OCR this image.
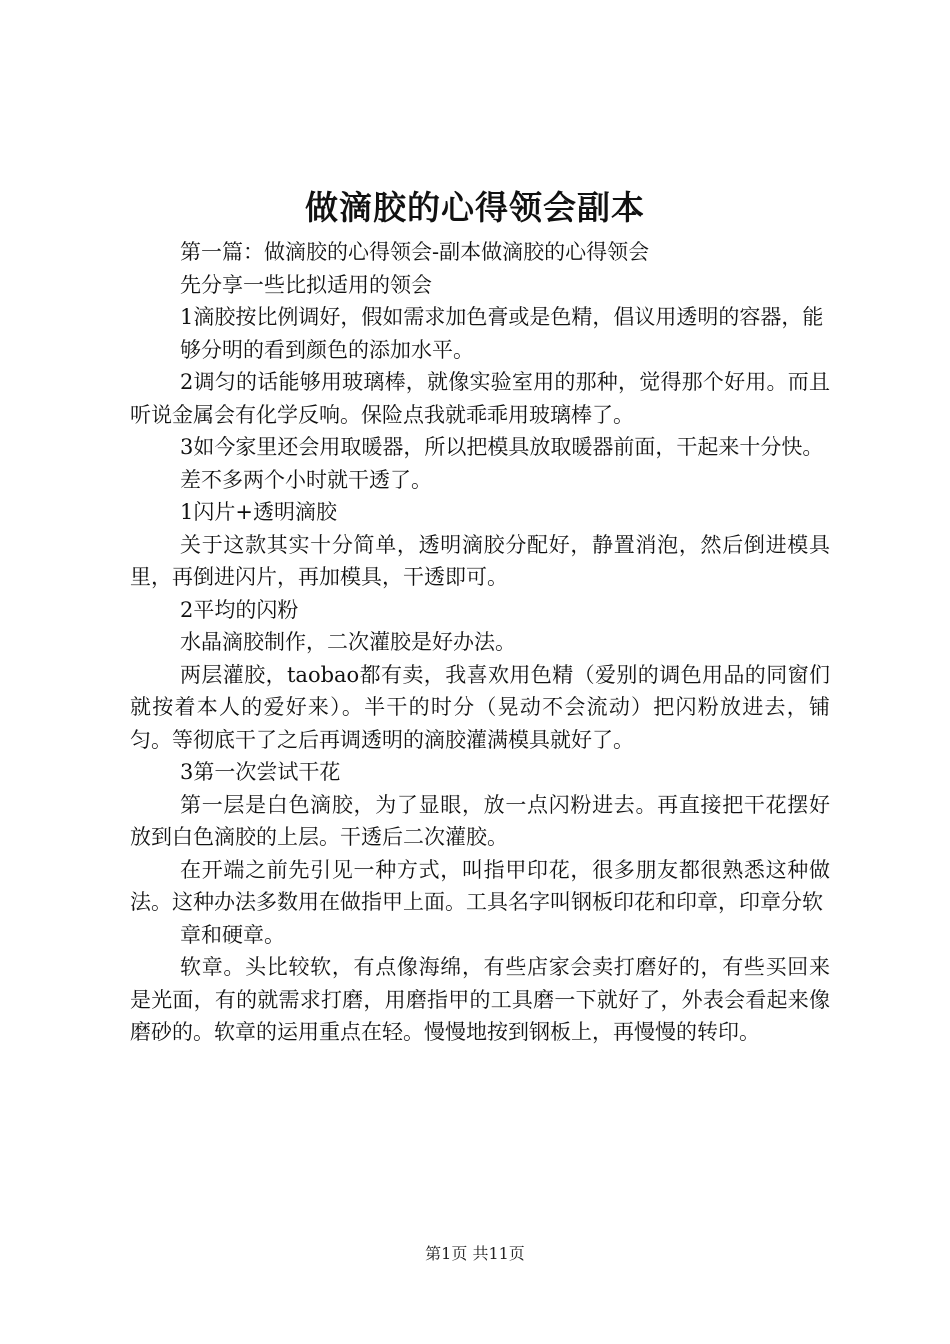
做滴胶的心得领会副本

第一篇：做滴胶的心得领会-副本做滴胶的心得领会

先分享一些比拟适用的领会

1滴胶按比例调好，假如需求加色膏或是色精，倡议用透明的容器，能

够分明的看到颜色的添加水平。

2调匀的话能够用玻璃棒，就像实验室用的那种，觉得那个好用。而且听说金属会有化学反响。保险点我就乖乖用玻璃棒了。

3如今家里还会用取暖器，所以把模具放取暖器前面，干起来十分快。

差不多两个小时就干透了。

1闪片+透明滴胶

关于这款其实十分简单，透明滴胶分配好，静置消泡，然后倒进模具里，再倒进闪片，再加模具，干透即可。

2平均的闪粉

水晶滴胶制作，二次灌胶是好办法。

两层灌胶，taobao都有卖，我喜欢用色精（爱别的调色用品的同窗们就按着本人的爱好来）。半干的时分（晃动不会流动）把闪粉放进去，铺匀。等彻底干了之后再调透明的滴胶灌满模具就好了。

3第一次尝试干花

第一层是白色滴胶，为了显眼，放一点闪粉进去。再直接把干花摆好放到白色滴胶的上层。干透后二次灌胶。

在开端之前先引见一种方式，叫指甲印花，很多朋友都很熟悉这种做法。这种办法多数用在做指甲上面。工具名字叫钢板印花和印章，印章分软

章和硬章。

软章。头比较软，有点像海绵，有些店家会卖打磨好的，有些买回来是光面，有的就需求打磨，用磨指甲的工具磨一下就好了，外表会看起来像磨砂的。软章的运用重点在轻。慢慢地按到钢板上，再慢慢的转印。

第1页 共11页
